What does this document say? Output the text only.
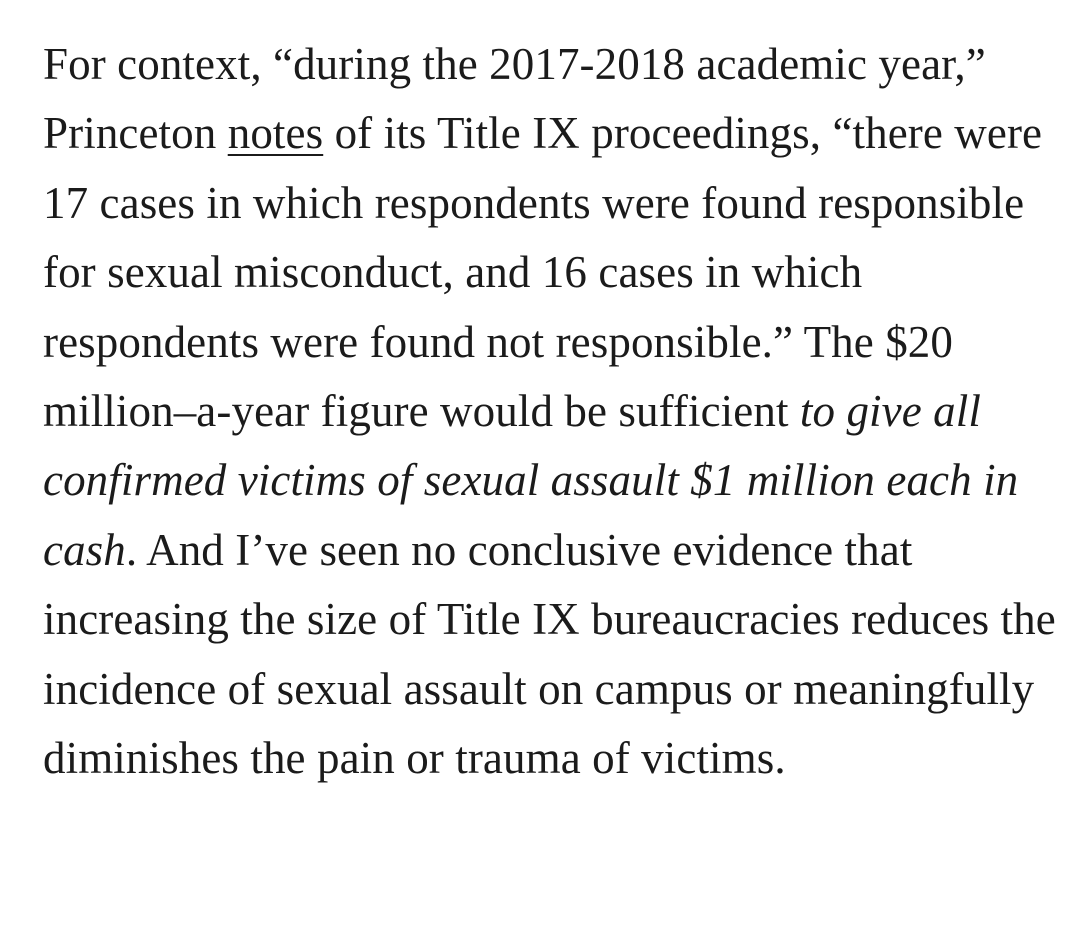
For context, “during the 2017-2018 academic year,” Princeton notes of its Title IX proceedings, “there were 17 cases in which respondents were found responsible for sexual misconduct, and 16 cases in which respondents were found not responsible.” The $20 million–a-year figure would be sufficient to give all confirmed victims of sexual assault $1 million each in cash. And I’ve seen no conclusive evidence that increasing the size of Title IX bureaucracies reduces the incidence of sexual assault on campus or meaningfully diminishes the pain or trauma of victims.
